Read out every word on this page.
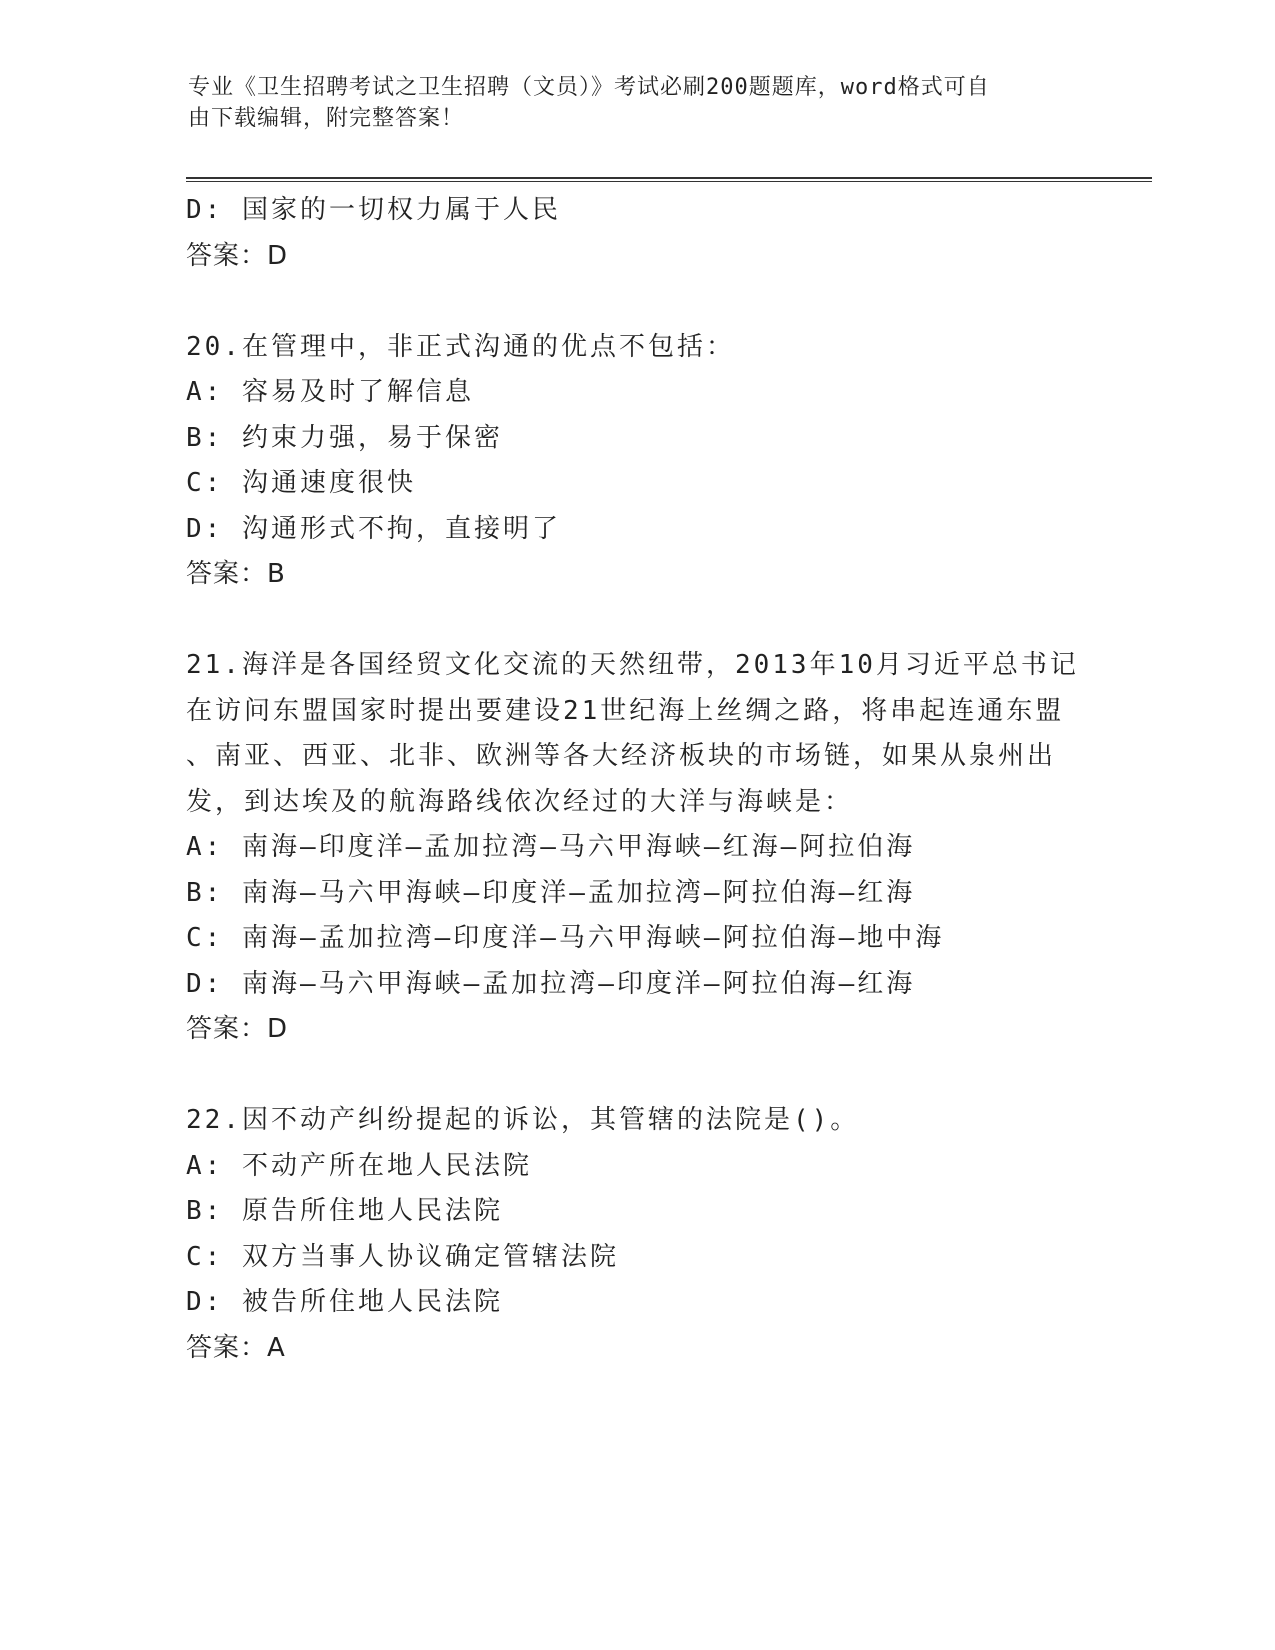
专业《卫生招聘考试之卫生招聘（文员）》考试必刷200题题库，word格式可自
由下载编辑，附完整答案！
D: 国家的一切权力属于人民
答案：D
20.在管理中，非正式沟通的优点不包括：
A: 容易及时了解信息
B: 约束力强，易于保密
C: 沟通速度很快
D: 沟通形式不拘，直接明了
答案：B
21.海洋是各国经贸文化交流的天然纽带，2013年10月习近平总书记
在访问东盟国家时提出要建设21世纪海上丝绸之路，将串起连通东盟
、南亚、西亚、北非、欧洲等各大经济板块的市场链，如果从泉州出
发，到达埃及的航海路线依次经过的大洋与海峡是：
A: 南海—印度洋—孟加拉湾—马六甲海峡—红海—阿拉伯海
B: 南海—马六甲海峡—印度洋—孟加拉湾—阿拉伯海—红海
C: 南海—孟加拉湾—印度洋—马六甲海峡—阿拉伯海—地中海
D: 南海—马六甲海峡—孟加拉湾—印度洋—阿拉伯海—红海
答案：D
22.因不动产纠纷提起的诉讼，其管辖的法院是()。
A: 不动产所在地人民法院
B: 原告所住地人民法院
C: 双方当事人协议确定管辖法院
D: 被告所住地人民法院
答案：A
